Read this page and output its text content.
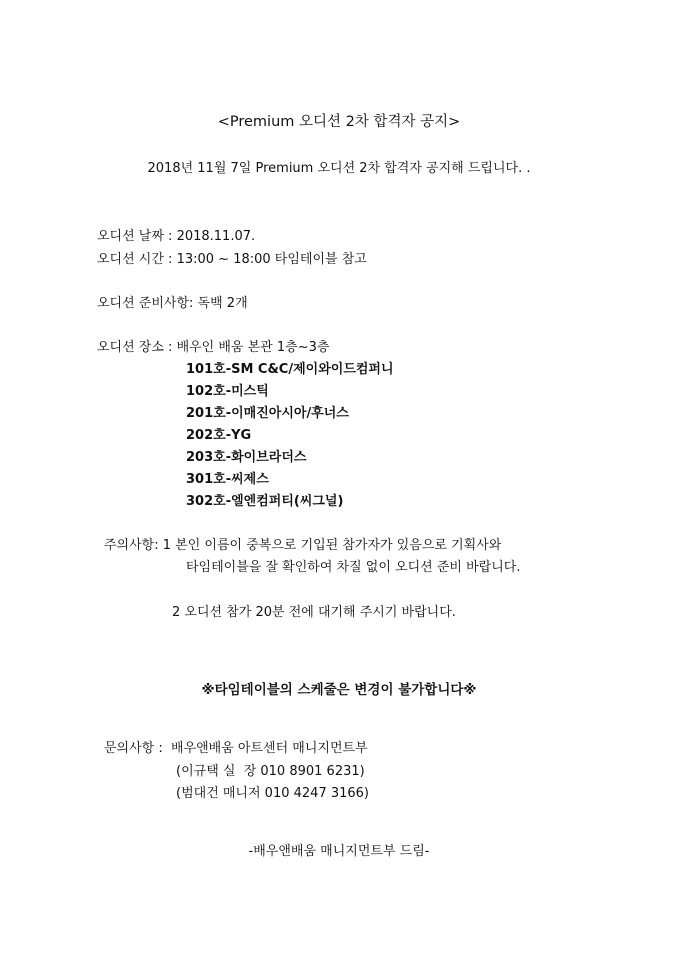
<Premium 오디션 2차 합격자 공지>
2018년 11월 7일 Premium 오디션 2차 합격자 공지해 드립니다. .
오디션 날짜 : 2018.11.07.
오디션 시간 : 13:00 ~ 18:00 타임테이블 참고
오디션 준비사항: 독백 2개
오디션 장소 : 배우인 배움 본관 1층~3층
101호-SM C&C/제이와이드컴퍼니
102호-미스틱
201호-이매진아시아/후너스
202호-YG
203호-화이브라더스
301호-씨제스
302호-엘엔컴퍼티(씨그널)
주의사항: 1 본인 이름이 중복으로 기입된 참가자가 있음으로 기획사와
타임테이블을 잘 확인하여 차질 없이 오디션 준비 바랍니다.
2 오디션 참가 20분 전에 대기해 주시기 바랍니다.
※타임테이블의 스케줄은 변경이 불가합니다※
문의사항 :  배우앤배움 아트센터 매니지먼트부
(이규택 실  장 010 8901 6231)
(범대건 매니저 010 4247 3166)
-배우앤배움 매니지먼트부 드림-
